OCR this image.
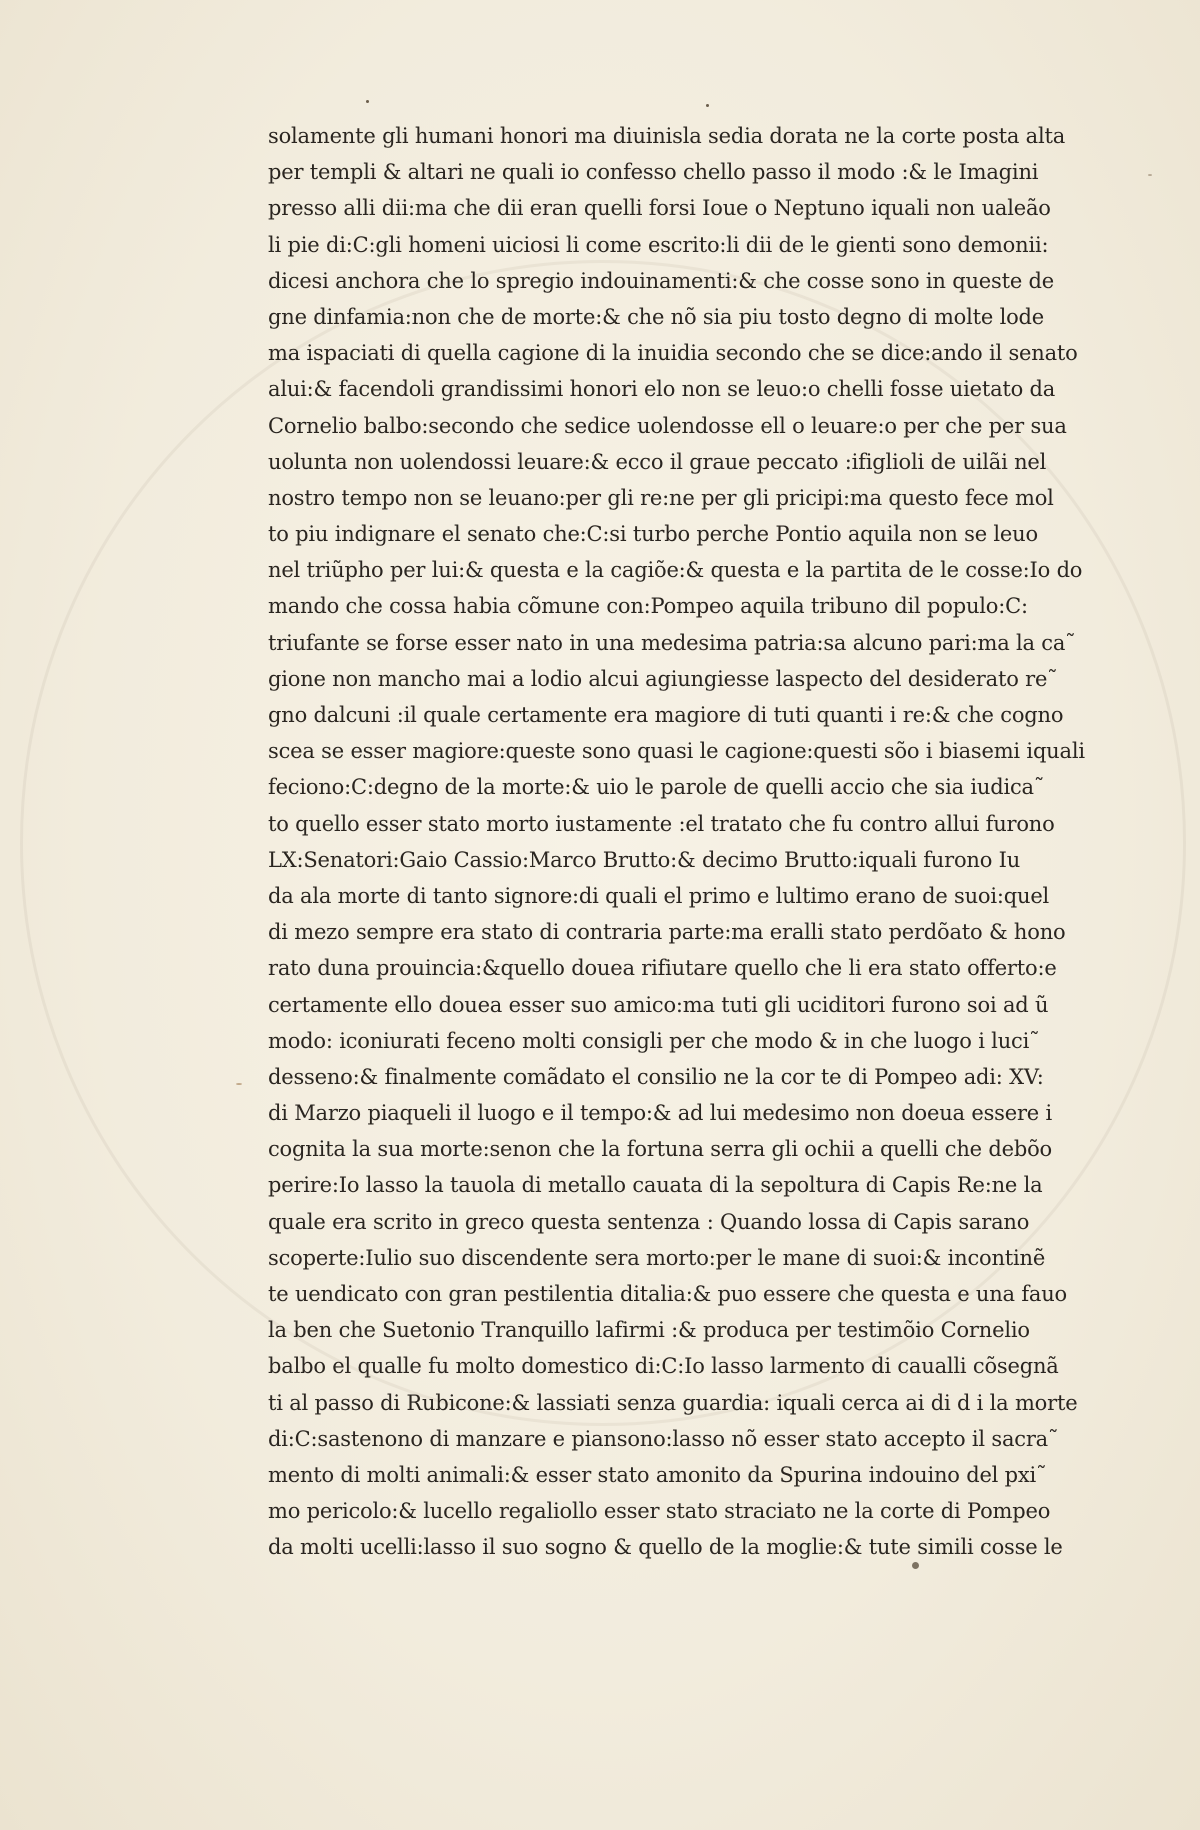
solamente gli humani honori ma diuinisla sedia dorata ne la corte posta alta
per templi & altari ne quali io confesso chello passo il modo :& le Imagini
presso alli dii:ma che dii eran quelli forsi Ioue o Neptuno iquali non ualeão
li pie di:C:gli homeni uiciosi li come escrito:li dii de le gienti sono demonii:
dicesi anchora che lo spregio indouinamenti:& che cosse sono in queste de
gne dinfamia:non che de morte:& che nõ sia piu tosto degno di molte lode
ma ispaciati di quella cagione di la inuidia secondo che se dice:ando il senato
alui:& facendoli grandissimi honori elo non se leuo:o chelli fosse uietato da
Cornelio balbo:secondo che sedice uolendosse ell o leuare:o per che per sua
uolunta non uolendossi leuare:& ecco il graue peccato :ifiglioli de uilãi nel
nostro tempo non se leuano:per gli re:ne per gli pricipi:ma questo fece mol
to piu indignare el senato che:C:si turbo perche Pontio aquila non se leuo
nel triũpho per lui:& questa e la cagiõe:& questa e la partita de le cosse:Io do
mando che cossa habia cõmune con:Pompeo aquila tribuno dil populo:C:
triufante se forse esser nato in una medesima patria:sa alcuno pari:ma la ca˜
gione non mancho mai a lodio alcui agiungiesse laspecto del desiderato re˜
gno dalcuni :il quale certamente era magiore di tuti quanti i re:& che cogno
scea se esser magiore:queste sono quasi le cagione:questi sõo i biasemi iquali
feciono:C:degno de la morte:& uio le parole de quelli accio che sia iudica˜
to quello esser stato morto iustamente :el tratato che fu contro allui furono
LX:Senatori:Gaio Cassio:Marco Brutto:& decimo Brutto:iquali furono Iu
da ala morte di tanto signore:di quali el primo e lultimo erano de suoi:quel
di mezo sempre era stato di contraria parte:ma eralli stato perdõato & hono
rato duna prouincia:&quello douea rifiutare quello che li era stato offerto:e
certamente ello douea esser suo amico:ma tuti gli uciditori furono soi ad ũ
modo: iconiurati feceno molti consigli per che modo & in che luogo i luci˜
desseno:& finalmente comãdato el consilio ne la cor te di Pompeo adi: XV:
di Marzo piaqueli il luogo e il tempo:& ad lui medesimo non doeua essere i
cognita la sua morte:senon che la fortuna serra gli ochii a quelli che debõo
perire:Io lasso la tauola di metallo cauata di la sepoltura di Capis Re:ne la
quale era scrito in greco questa sentenza : Quando lossa di Capis sarano
scoperte:Iulio suo discendente sera morto:per le mane di suoi:& incontinẽ
te uendicato con gran pestilentia ditalia:& puo essere che questa e una fauo
la ben che Suetonio Tranquillo lafirmi :& produca per testimõio Cornelio
balbo el qualle fu molto domestico di:C:Io lasso larmento di caualli cõsegnã
ti al passo di Rubicone:& lassiati senza guardia: iquali cerca ai di d i la morte
di:C:sastenono di manzare e piansono:lasso nõ esser stato accepto il sacra˜
mento di molti animali:& esser stato amonito da Spurina indouino del pxi˜
mo pericolo:& lucello regaliollo esser stato straciato ne la corte di Pompeo
da molti ucelli:lasso il suo sogno & quello de la moglie:& tute simili cosse le
